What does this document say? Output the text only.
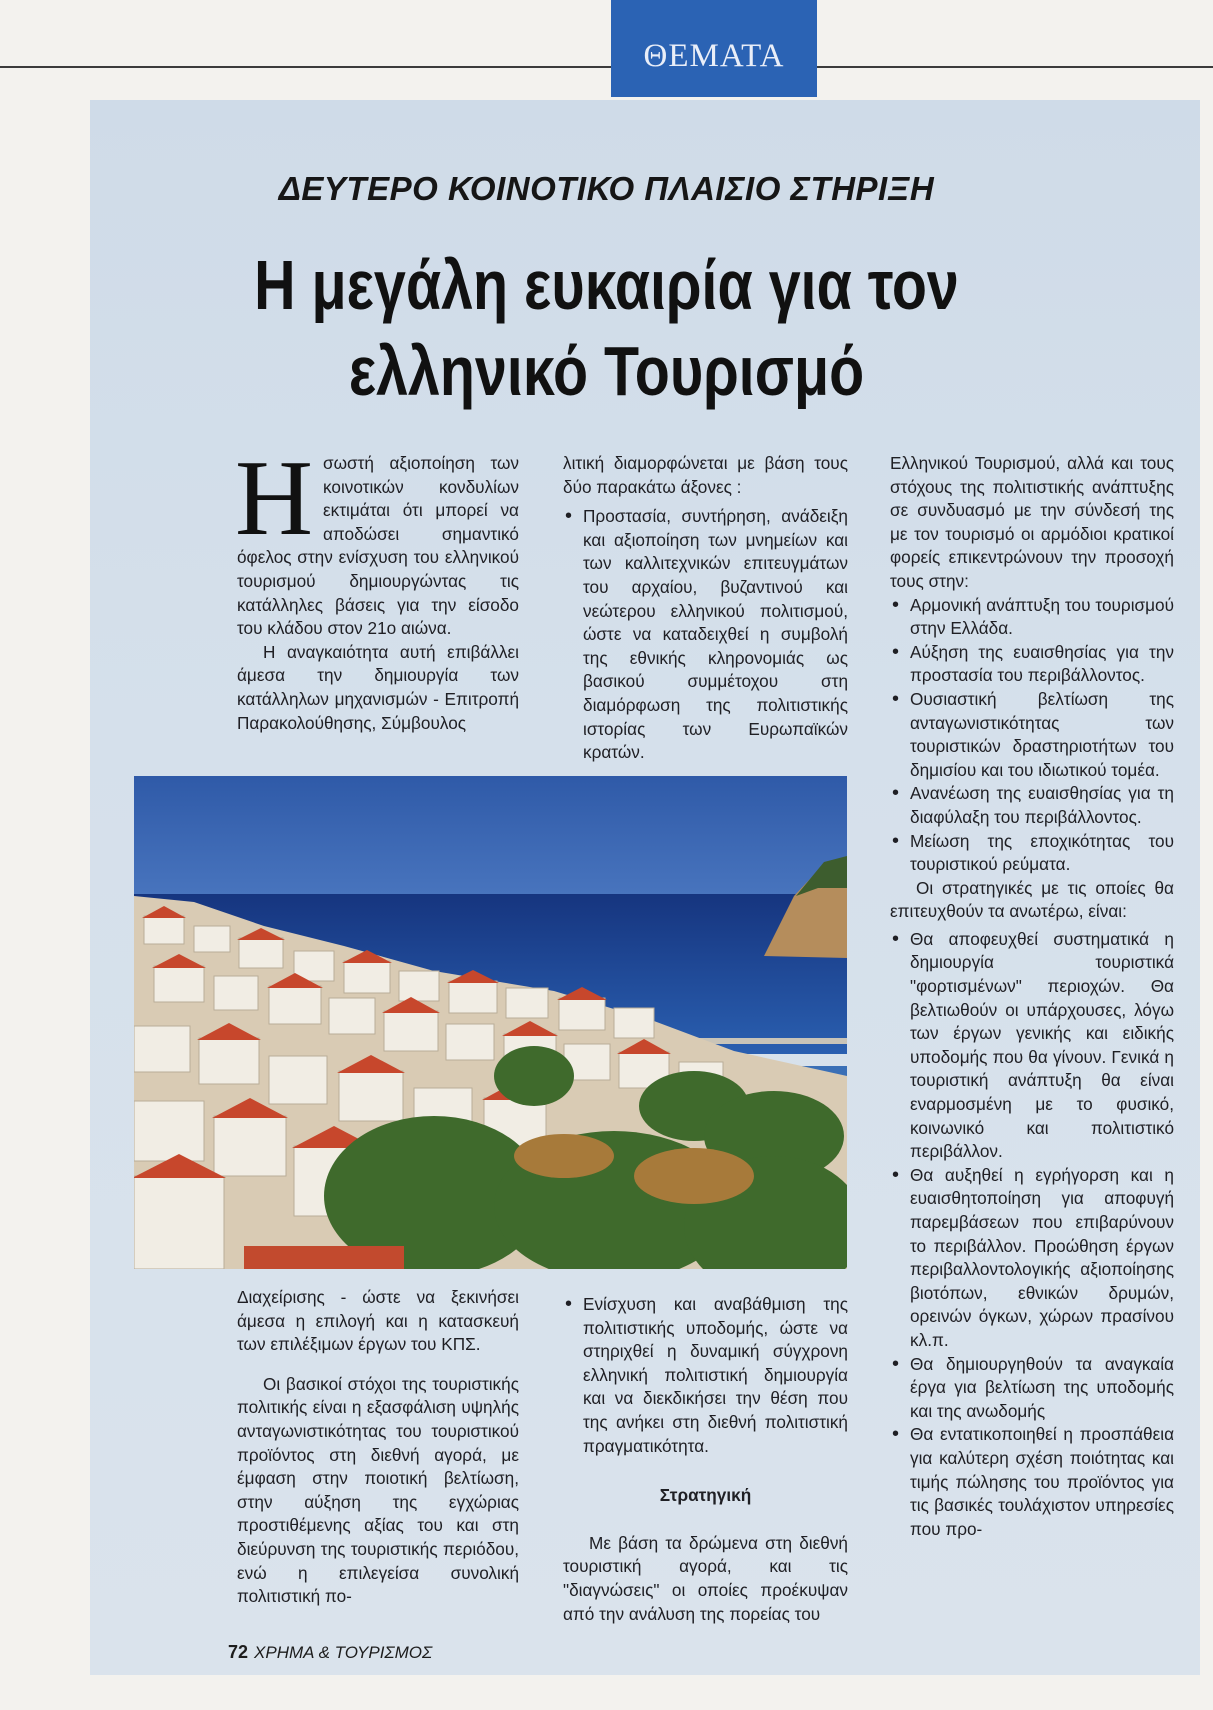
ΘΕΜΑΤΑ
ΔΕΥΤΕΡΟ ΚΟΙΝΟΤΙΚΟ ΠΛΑΙΣΙΟ ΣΤΗΡΙΞΗ
Η μεγάλη ευκαιρία για τον
ελληνικό Τουρισμό
Η σωστή αξιοποίηση των κοινοτικών κονδυλίων εκτιμάται ότι μπορεί να αποδώσει σημαντικό όφελος στην ενίσχυση του ελληνικού τουρισμού δημιουργώντας τις κατάλληλες βάσεις για την είσοδο του κλάδου στον 21ο αιώνα.

Η αναγκαιότητα αυτή επιβάλλει άμεσα την δημιουργία των κατάλληλων μηχανισμών - Επιτροπή Παρακολούθησης, Σύμβουλος

λιτική διαμορφώνεται με βάση τους δύο παρακάτω άξονες :

• Προστασία, συντήρηση, ανάδειξη και αξιοποίηση των μνημείων και των καλλιτεχνικών επιτευγμάτων του αρχαίου, βυζαντινού και νεώτερου ελληνικού πολιτισμού, ώστε να καταδειχθεί η συμβολή της εθνικής κληρονομιάς ως βασικού συμμέτοχου στη διαμόρφωση της πολιτιστικής ιστορίας των Ευρωπαϊκών κρατών.

Ελληνικού Τουρισμού, αλλά και τους στόχους της πολιτιστικής ανάπτυξης σε συνδυασμό με την σύνδεσή της με τον τουρισμό οι αρμόδιοι κρατικοί φορείς επικεντρώνουν την προσοχή τους στην:

• Αρμονική ανάπτυξη του τουρισμού στην Ελλάδα.
• Αύξηση της ευαισθησίας για την προστασία του περιβάλλοντος.
• Ουσιαστική βελτίωση της ανταγωνιστικότητας των τουριστικών δραστηριοτήτων του δημισίου και του ιδιωτικού τομέα.
• Ανανέωση της ευαισθησίας για τη διαφύλαξη του περιβάλλοντος.
• Μείωση της εποχικότητας του τουριστικού ρεύματα.

Οι στρατηγικές με τις οποίες θα επιτευχθούν τα ανωτέρω, είναι:

• Θα αποφευχθεί συστηματικά η δημιουργία τουριστικά "φορτισμένων" περιοχών. Θα βελτιωθούν οι υπάρχουσες, λόγω των έργων γενικής και ειδικής υποδομής που θα γίνουν. Γενικά η τουριστική ανάπτυξη θα είναι εναρμοσμένη με το φυσικό, κοινωνικό και πολιτιστικό περιβάλλον.
• Θα αυξηθεί η εγρήγορση και η ευαισθητοποίηση για αποφυγή παρεμβάσεων που επιβαρύνουν το περιβάλλον. Προώθηση έργων περιβαλλοντολογικής αξιοποίησης βιοτόπων, εθνικών δρυμών, ορεινών όγκων, χώρων πρασίνου κλ.π.
• Θα δημιουργηθούν τα αναγκαία έργα για βελτίωση της υποδομής και της ανωδομής
• Θα εντατικοποιηθεί η προσπάθεια για καλύτερη σχέση ποιότητας και τιμής πώλησης του προϊόντος για τις βασικές τουλάχιστον υπηρεσίες που προ-

Διαχείρισης - ώστε να ξεκινήσει άμεσα η επιλογή και η κατασκευή των επιλέξιμων έργων του ΚΠΣ.

Οι βασικοί στόχοι της τουριστικής πολιτικής είναι η εξασφάλιση υψηλής ανταγωνιστικότητας του τουριστικού προϊόντος στη διεθνή αγορά, με έμφαση στην ποιοτική βελτίωση, στην αύξηση της εγχώριας προστιθέμενης αξίας του και στη διεύρυνση της τουριστικής περιόδου, ενώ η επιλεγείσα συνολική πολιτιστική πο-

• Ενίσχυση και αναβάθμιση της πολιτιστικής υποδομής, ώστε να στηριχθεί η δυναμική σύγχρονη ελληνική πολιτιστική δημιουργία και να διεκδικήσει την θέση που της ανήκει στη διεθνή πολιτιστική πραγματικότητα.
Στρατηγική

Με βάση τα δρώμενα στη διεθνή τουριστική αγορά, και τις "διαγνώσεις" οι οποίες προέκυψαν από την ανάλυση της πορείας του

72 ΧΡΗΜΑ & ΤΟΥΡΙΣΜΟΣ
